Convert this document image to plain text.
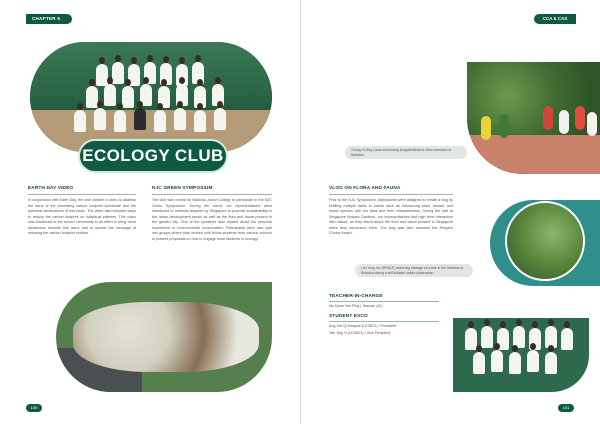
CHAPTER 5
ECOLOGY CLUB
EARTH DAY VIDEO
In conjunction with Earth Day, the club created a video to address the issue of the increasing carbon footprint worldwide and the potential ramifications of this issue. The video also included ways to reduce the carbon footprint on individual eateries. This video was broadcast to the school community in an effort to bring more awareness towards this issue and to spread the message of reducing the carbon footprint entitled.
NJC GREEN SYMPOSIUM
The club was invited by National Junior College to participate in the NJC Green Symposium. During the event, our representatives were introduced to methods adopted by Singapore to promote sustainability in the urban development sector as well as the flora and fauna present in the garden city. One of the speakers also shared about his personal experience in environmental conservation. Participants were also split into groups where they worked with fellow students from various schools to present proposals on how to engage more students in ecology.
150
CCA & CAS
Chong Yu Ang Lucas introducing bougainvilleas to other members of Botanica
VLOG ON FLORA AND FAUNA
Prior to the NJC Symposium, participants were assigned to create a vlog by fulfilling multiple tasks in nature such as introducing plant, animal, and insect species with fun facts and their characteristics. During the visit at Singapore Botanic Gardens, our representatives had high level interaction with nature, as they learnt about the flora and fauna present in Singapore when they introduced them. The vlog was later awarded the Peoples Choice Award.
Loh Yong Jun (HEN1F) observing damage on a tree in the Gardens of Botanica during a self-initiated nature observation
TEACHER-IN-CHARGE
Ms Dorie Yen Ping | Teacher (IC)
STUDENT EXCO
Ang Kai Qi Dwayne (LE3E01) / President
Tan Jing Yi (LE3D01) / Vice President
151
